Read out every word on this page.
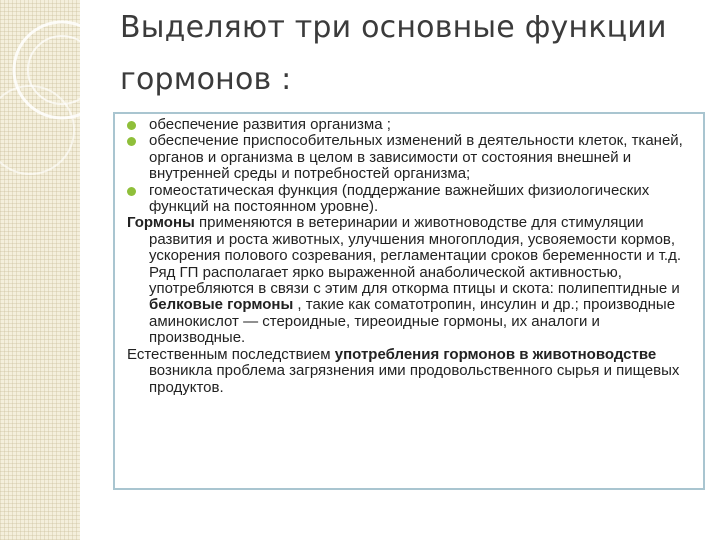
Выделяют три основные функции гормонов :
обеспечение развития организма ;
обеспечение приспособительных изменений в деятельности клеток, тканей, органов и организма в целом в зависимости от состояния внешней и внутренней среды и потребностей организма;
гомеостатическая функция (поддержание важнейших физиологических функций на постоянном уровне).

Гормоны применяются в ветеринарии и животноводстве для стимуляции развития и роста животных, улучшения многоплодия, усвояемости кормов, ускорения полового созревания, регламентации сроков беременности и т.д. Ряд ГП располагает ярко выраженной анаболической активностью, употребляются в связи с этим для откорма птицы и скота: полипептидные и белковые гормоны , такие как соматотропин, инсулин и др.; производные аминокислот — стероидные, тиреоидные гормоны, их аналоги и производные.

Естественным последствием употребления гормонов в животноводстве возникла проблема загрязнения ими продовольственного сырья и пищевых продуктов.
